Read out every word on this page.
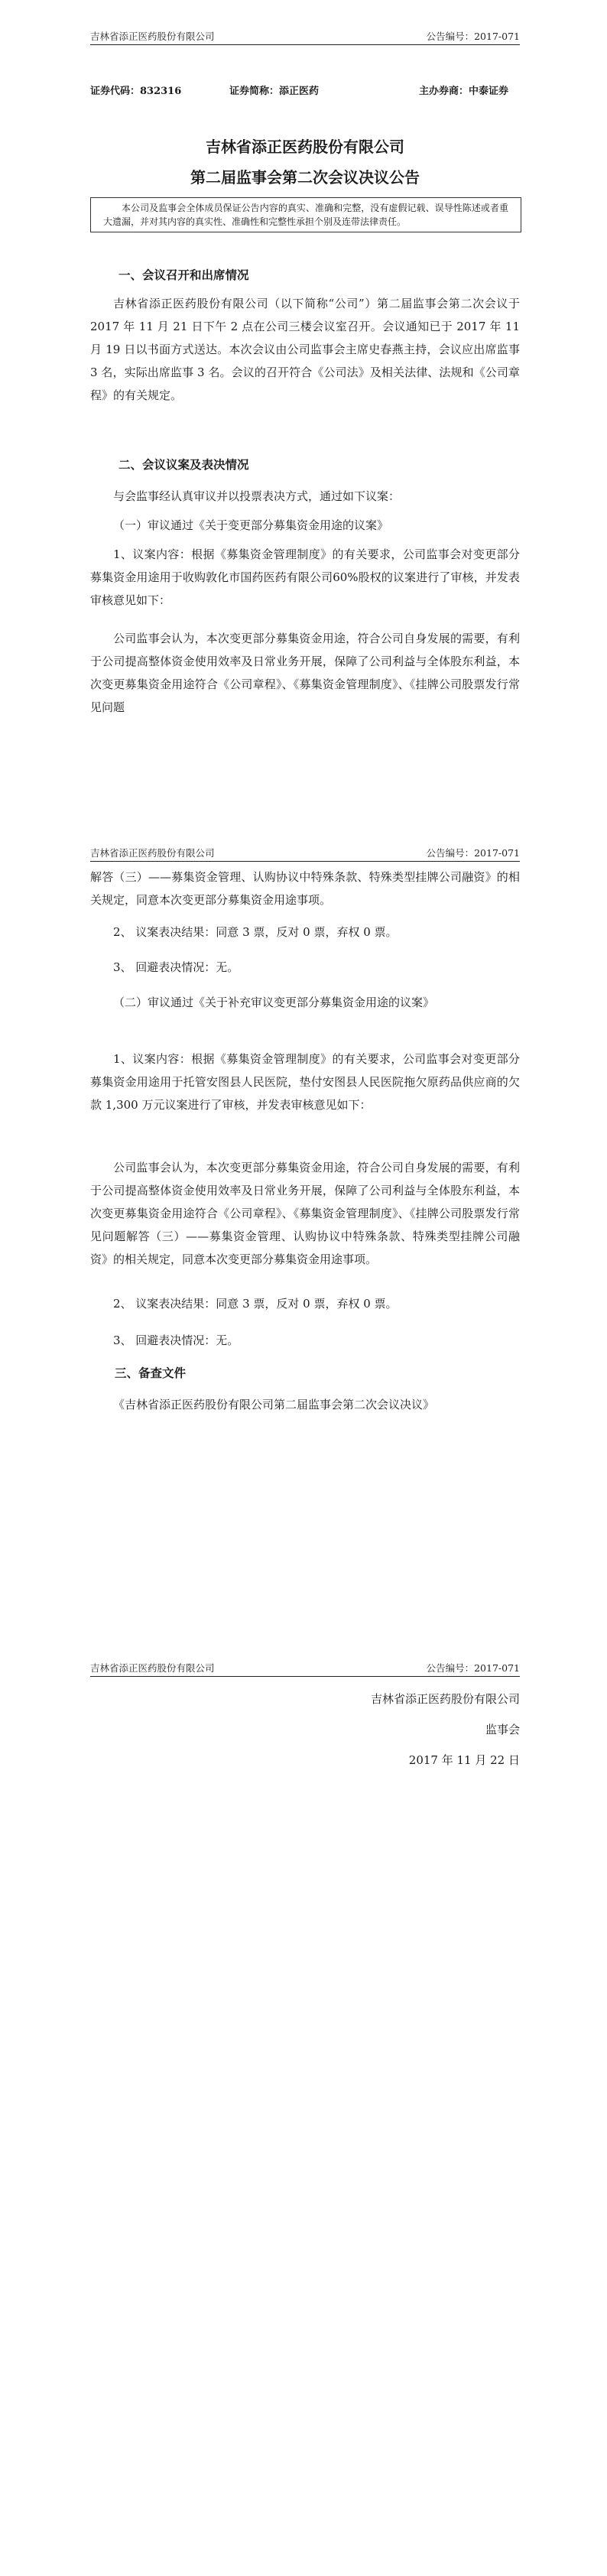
吉林省添正医药股份有限公司	公告编号：2017-071
证券代码：832316	证券简称：添正医药	主办券商：中泰证券
吉林省添正医药股份有限公司
第二届监事会第二次会议决议公告
本公司及监事会全体成员保证公告内容的真实、准确和完整，没有虚假记载、误导性陈述或者重大遗漏，并对其内容的真实性、准确性和完整性承担个别及连带法律责任。

一、会议召开和出席情况

吉林省添正医药股份有限公司（以下简称“公司”）第二届监事会第二次会议于 2017 年 11 月 21 日下午 2 点在公司三楼会议室召开。会议通知已于 2017 年 11 月 19 日以书面方式送达。本次会议由公司监事会主席史春燕主持，会议应出席监事 3 名，实际出席监事 3 名。会议的召开符合《公司法》及相关法律、法规和《公司章程》的有关规定。

二、会议议案及表决情况

与会监事经认真审议并以投票表决方式，通过如下议案：

（一）审议通过《关于变更部分募集资金用途的议案》

1、议案内容：根据《募集资金管理制度》的有关要求，公司监事会对变更部分募集资金用途用于收购敦化市国药医药有限公司60%股权的议案进行了审核，并发表审核意见如下：

公司监事会认为，本次变更部分募集资金用途，符合公司自身发展的需要，有利于公司提高整体资金使用效率及日常业务开展，保障了公司利益与全体股东利益，本次变更募集资金用途符合《公司章程》、《募集资金管理制度》、《挂牌公司股票发行常见问题

吉林省添正医药股份有限公司	公告编号：2017-071

解答（三）——募集资金管理、认购协议中特殊条款、特殊类型挂牌公司融资》的相关规定，同意本次变更部分募集资金用途事项。

2、 议案表决结果：同意 3 票，反对 0 票，弃权 0 票。

3、 回避表决情况：无。

（二）审议通过《关于补充审议变更部分募集资金用途的议案》

1、议案内容：根据《募集资金管理制度》的有关要求，公司监事会对变更部分募集资金用途用于托管安图县人民医院，垫付安图县人民医院拖欠原药品供应商的欠款 1,300 万元议案进行了审核，并发表审核意见如下：

公司监事会认为，本次变更部分募集资金用途，符合公司自身发展的需要，有利于公司提高整体资金使用效率及日常业务开展，保障了公司利益与全体股东利益，本次变更募集资金用途符合《公司章程》、《募集资金管理制度》、《挂牌公司股票发行常见问题解答（三）——募集资金管理、认购协议中特殊条款、特殊类型挂牌公司融资》的相关规定，同意本次变更部分募集资金用途事项。

2、 议案表决结果：同意 3 票，反对 0 票，弃权 0 票。

3、 回避表决情况：无。

三、备查文件

《吉林省添正医药股份有限公司第二届监事会第二次会议决议》

吉林省添正医药股份有限公司	公告编号：2017-071
吉林省添正医药股份有限公司
监事会
2017 年 11 月 22 日
